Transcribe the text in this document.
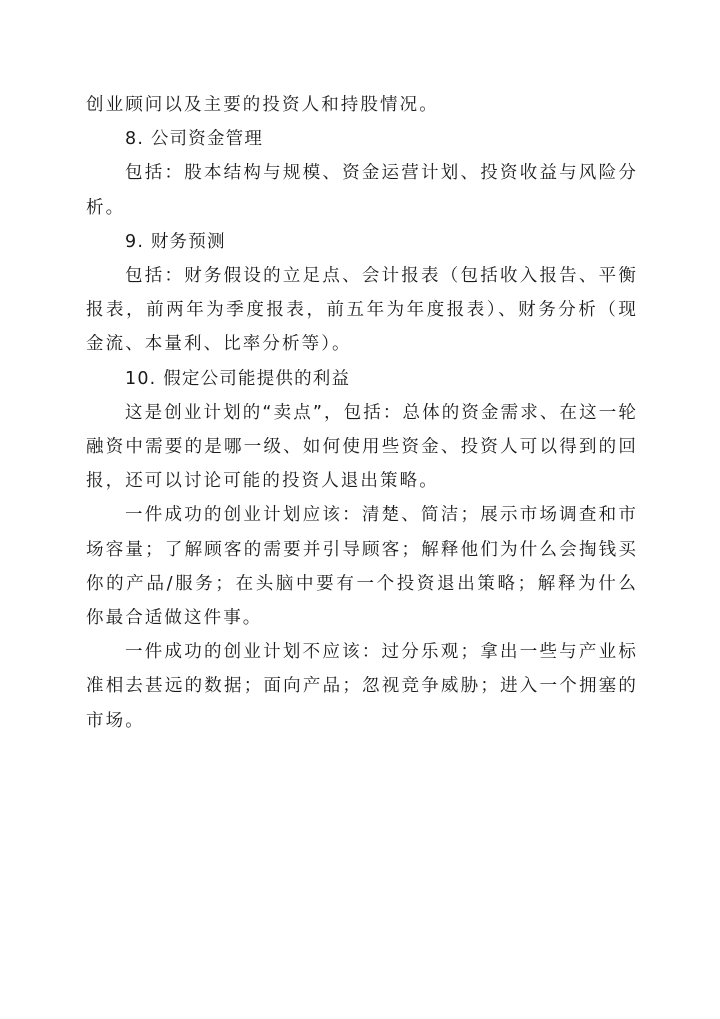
创业顾问以及主要的投资人和持股情况。

8. 公司资金管理

包括：股本结构与规模、资金运营计划、投资收益与风险分析。

9. 财务预测

包括：财务假设的立足点、会计报表（包括收入报告、平衡报表，前两年为季度报表，前五年为年度报表）、财务分析（现金流、本量利、比率分析等）。

10. 假定公司能提供的利益

这是创业计划的“卖点”，包括：总体的资金需求、在这一轮融资中需要的是哪一级、如何使用些资金、投资人可以得到的回报，还可以讨论可能的投资人退出策略。

一件成功的创业计划应该：清楚、简洁；展示市场调查和市场容量；了解顾客的需要并引导顾客；解释他们为什么会掏钱买你的产品/服务；在头脑中要有一个投资退出策略；解释为什么你最合适做这件事。

一件成功的创业计划不应该：过分乐观；拿出一些与产业标准相去甚远的数据；面向产品；忽视竞争威胁；进入一个拥塞的市场。
